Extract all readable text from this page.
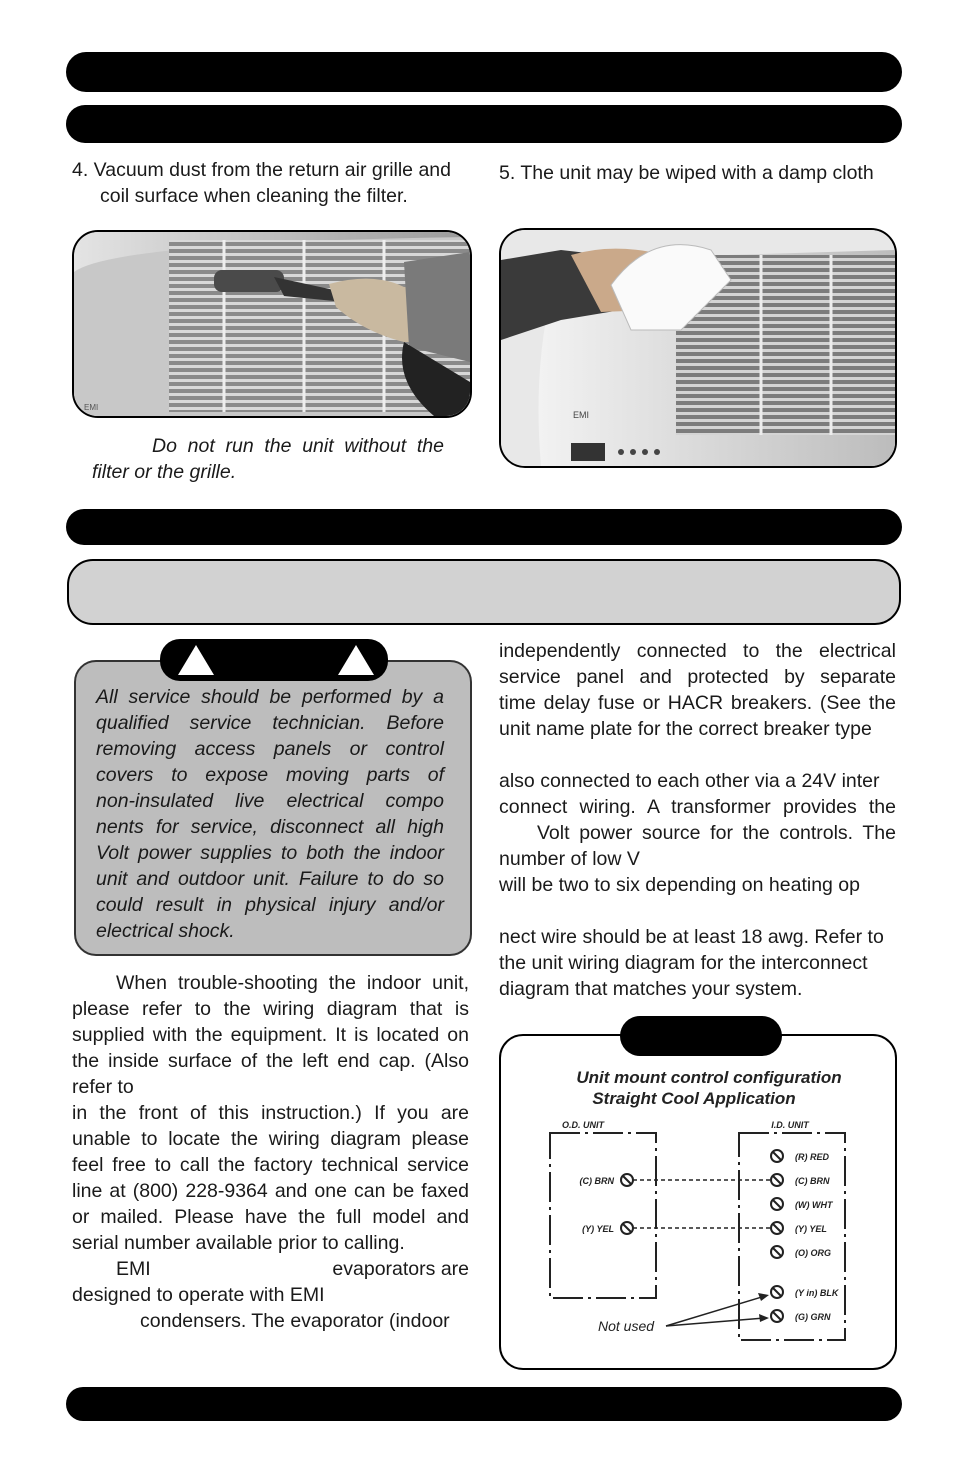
4. Vacuum dust from the return air grille and
coil surface when cleaning the filter.
5. The unit may be wiped with a damp cloth
EMI
Do not run the unit without the
filter or the grille.
EMI
All service should be performed by a
qualified service technician. Before
removing access panels or control
covers to expose moving parts of
non-insulated live electrical compo
nents for service, disconnect all high
Volt power supplies to both the indoor
unit and outdoor unit. Failure to do so
could result in physical injury and/or
electrical shock.
When trouble-shooting the indoor unit,
please refer to the wiring diagram that is
supplied with the equipment. It is located on
the inside surface of the left end cap. (Also
refer to
in the front of this instruction.) If you are
unable to locate the wiring diagram please
feel free to call the factory technical service
line at (800) 228-9364 and one can be faxed
or mailed. Please have the full model and
serial number available prior to calling.
EMI	evaporators are
designed to operate with EMI
condensers. The evaporator (indoor
independently connected to the electrical
service panel and protected by separate
time delay fuse or HACR breakers. (See the
unit name plate for the correct breaker type
also connected to each other via a 24V inter
connect wiring. A transformer provides the
Volt power source for the controls. The
number of low V
will be two to six depending on heating op
nect wire should be at least 18 awg. Refer to
the unit wiring diagram for the interconnect
diagram that matches your system.
Unit mount control configuration
Straight Cool Application
O.D. UNIT	I.D. UNIT
(C) BRN
(Y) YEL
(R) RED
(C) BRN
(W) WHT
(Y) YEL
(O) ORG
(Y in) BLK
(G) GRN
Not used
